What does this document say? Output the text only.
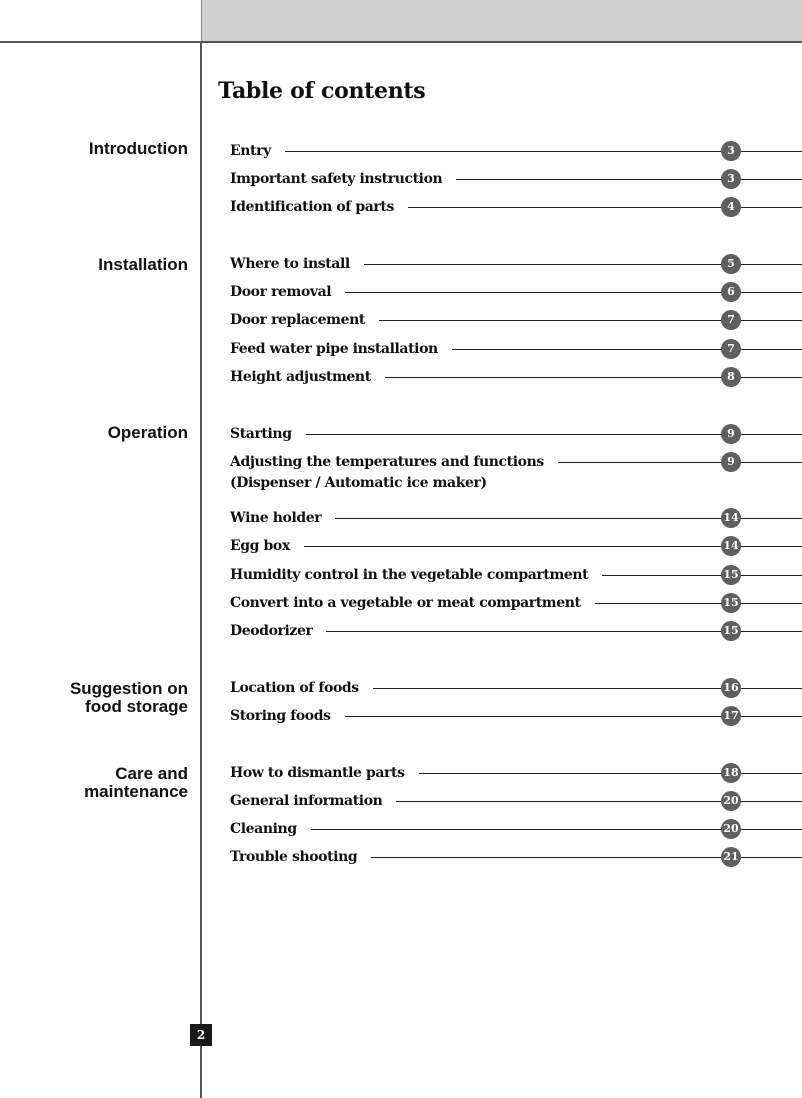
Table of contents
Introduction
Installation
Operation
Suggestion on
food storage
Care and
maintenance
Entry	3
Important safety instruction	3
Identification of parts	4
Where to install	5
Door removal	6
Door replacement	7
Feed water pipe installation	7
Height adjustment	8
Starting	9
Adjusting the temperatures and functions	9
(Dispenser / Automatic ice maker)
Wine holder	14
Egg box	14
Humidity control in the vegetable compartment	15
Convert into a vegetable or meat compartment	15
Deodorizer	15
Location of foods	16
Storing foods	17
How to dismantle parts	18
General information	20
Cleaning	20
Trouble shooting	21
2
